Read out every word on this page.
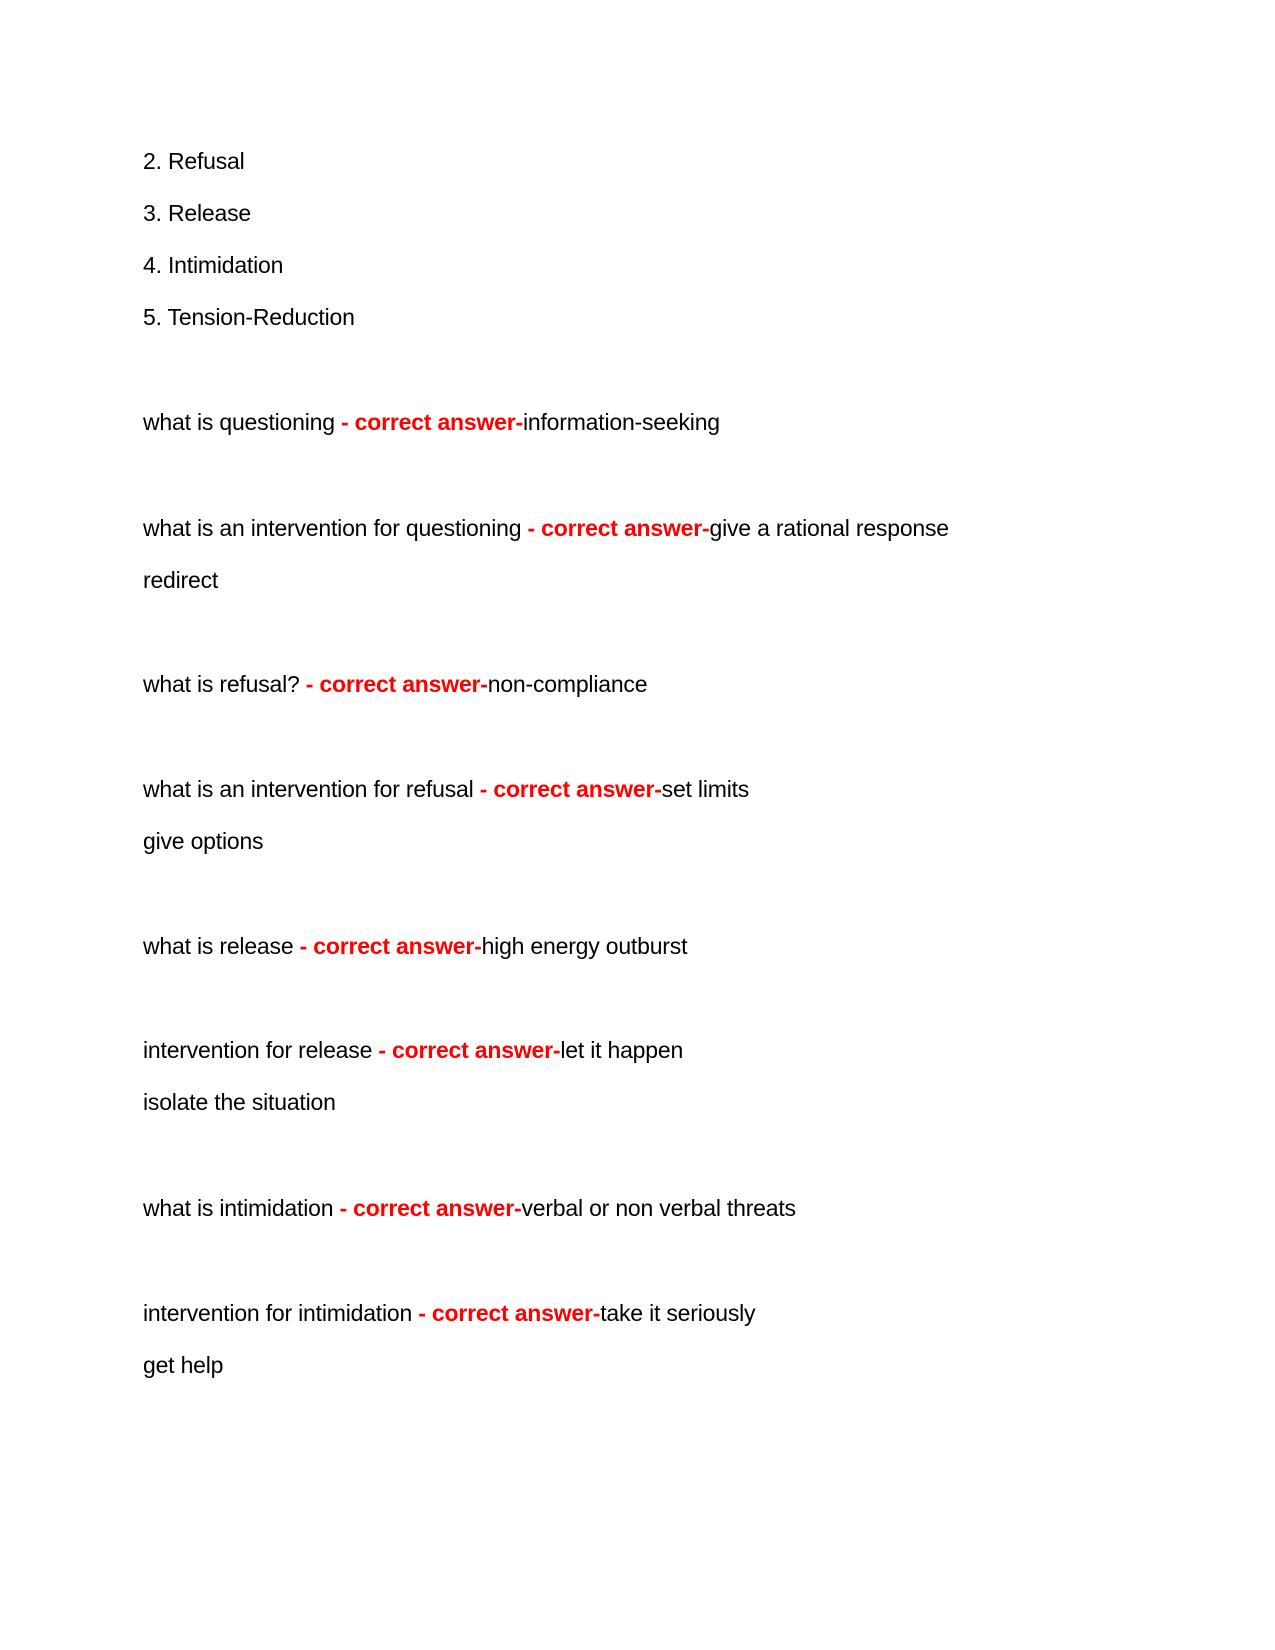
2. Refusal
3. Release
4. Intimidation
5. Tension-Reduction
what is questioning - correct answer-information-seeking
what is an intervention for questioning - correct answer-give a rational response
redirect
what is refusal? - correct answer-non-compliance
what is an intervention for refusal - correct answer-set limits
give options
what is release - correct answer-high energy outburst
intervention for release - correct answer-let it happen
isolate the situation
what is intimidation - correct answer-verbal or non verbal threats
intervention for intimidation - correct answer-take it seriously
get help
